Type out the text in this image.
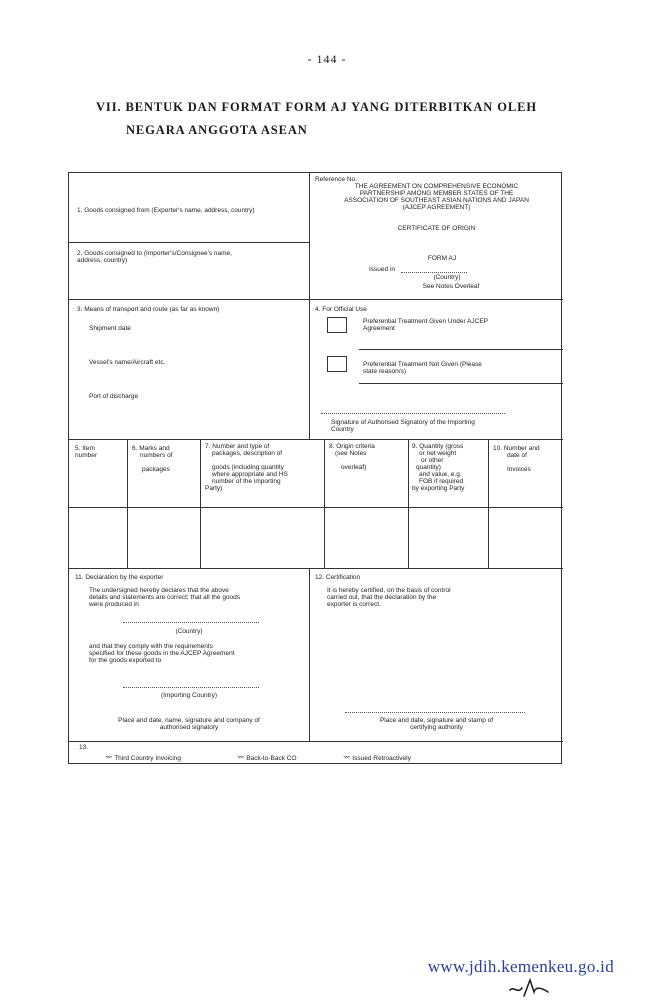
- 144 -
VII. BENTUK DAN FORMAT FORM AJ YANG DITERBITKAN OLEH
NEGARA ANGGOTA ASEAN
1. Goods consigned from (Exporter's name, address, country)
2. Goods consigned to (Importer's/Consignee's name,
address, country)
Reference No.
THE AGREEMENT ON COMPREHENSIVE ECONOMIC
PARTNERSHIP AMONG MEMBER STATES OF THE
ASSOCIATION OF SOUTHEAST ASIAN NATIONS AND JAPAN
(AJCEP AGREEMENT)
CERTIFICATE OF ORIGIN
FORM AJ
Issued in
(Country)
See Notes Overleaf
3. Means of transport and route (as far as known)
Shipment date
Vessel's name/Aircraft etc.
Port of discharge
4. For Official Use
Preferential Treatment Given Under AJCEP
Agreement
Preferential Treatment Not Given (Please
state reason/s)
Signature of Authorised Signatory of the Importing
Country
5. Item
number
6. Marks and
numbers of
packages
7. Number and type of
packages, description of
goods (including quantity
where appropriate and HS
number of the importing
Party)
8. Origin criteria
(see Notes
overleaf)
9. Quantity (gross
or net weight
or other
quantity)
and value, e.g.
FOB if required
by exporting Party
10. Number and
date of
Invoices
11. Declaration by the exporter
The undersigned hereby declares that the above
details and statements are correct; that all the goods
were produced in
(Country)
and that they comply with the requirements
specified for these goods in the AJCEP Agreement
for the goods exported to
(Importing Country)
Place and date, name, signature and company of
authorised signatory
12. Certification
It is hereby certified, on the basis of control
carried out, that the declaration by the
exporter is correct.
Place and date, signature and stamp of
certifying authority
13.
⌤ Third Country Invoicing	⌤ Back-to-Back CO	⌤ Issued Retroactively
www.jdih.kemenkeu.go.id
